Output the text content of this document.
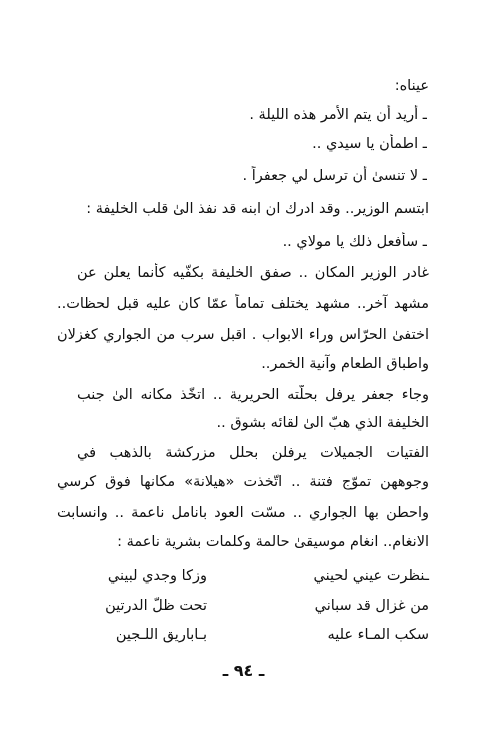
عيناه:
ـ أريد أن يتم الأمر هذه الليلة .
ـ اطمأن يا سيدي ..
ـ لا تنسىٰ أن ترسل لي جعفراً .
ابتسم الوزير.. وقد ادرك ان ابنه قد نفذ الىٰ قلب الخليفة :
ـ سأفعل ذلك يا مولاي ..
غادر الوزير المكان .. صفق الخليفة بكفّيه كأنما يعلن عن
مشهد آخر.. مشهد يختلف تماماً عمّا كان عليه قبل لحظات..
اختفىٰ الحرّاس وراء الابواب . اقبل سرب من الجواري كغزلان
واطباق الطعام وآنية الخمر..
وجاء جعفر يرفل بحلّته الحريرية .. اتخّذ مكانه الىٰ جنب
الخليفة الذي هبّ الىٰ لقائه بشوق ..
الفتيات الجميلات يرفلن بحلل مزركشة بالذهب في
وجوههن تموّج فتنة .. اتّخذت «هيلانة» مكانها فوق كرسي
واحطن بها الجواري .. مسّت العود بانامل ناعمة .. وانسابت
الانغام.. انغام موسيقىٰ حالمة وكلمات بشرية ناعمة :
ـنظرت عيني لحيني
وزكا وجدي لبيني
من غزال قد سباني
تحت ظلّ الدرتين
سكب المـاء عليه
بـاباريق اللـجين
ـ ٩٤ ـ
